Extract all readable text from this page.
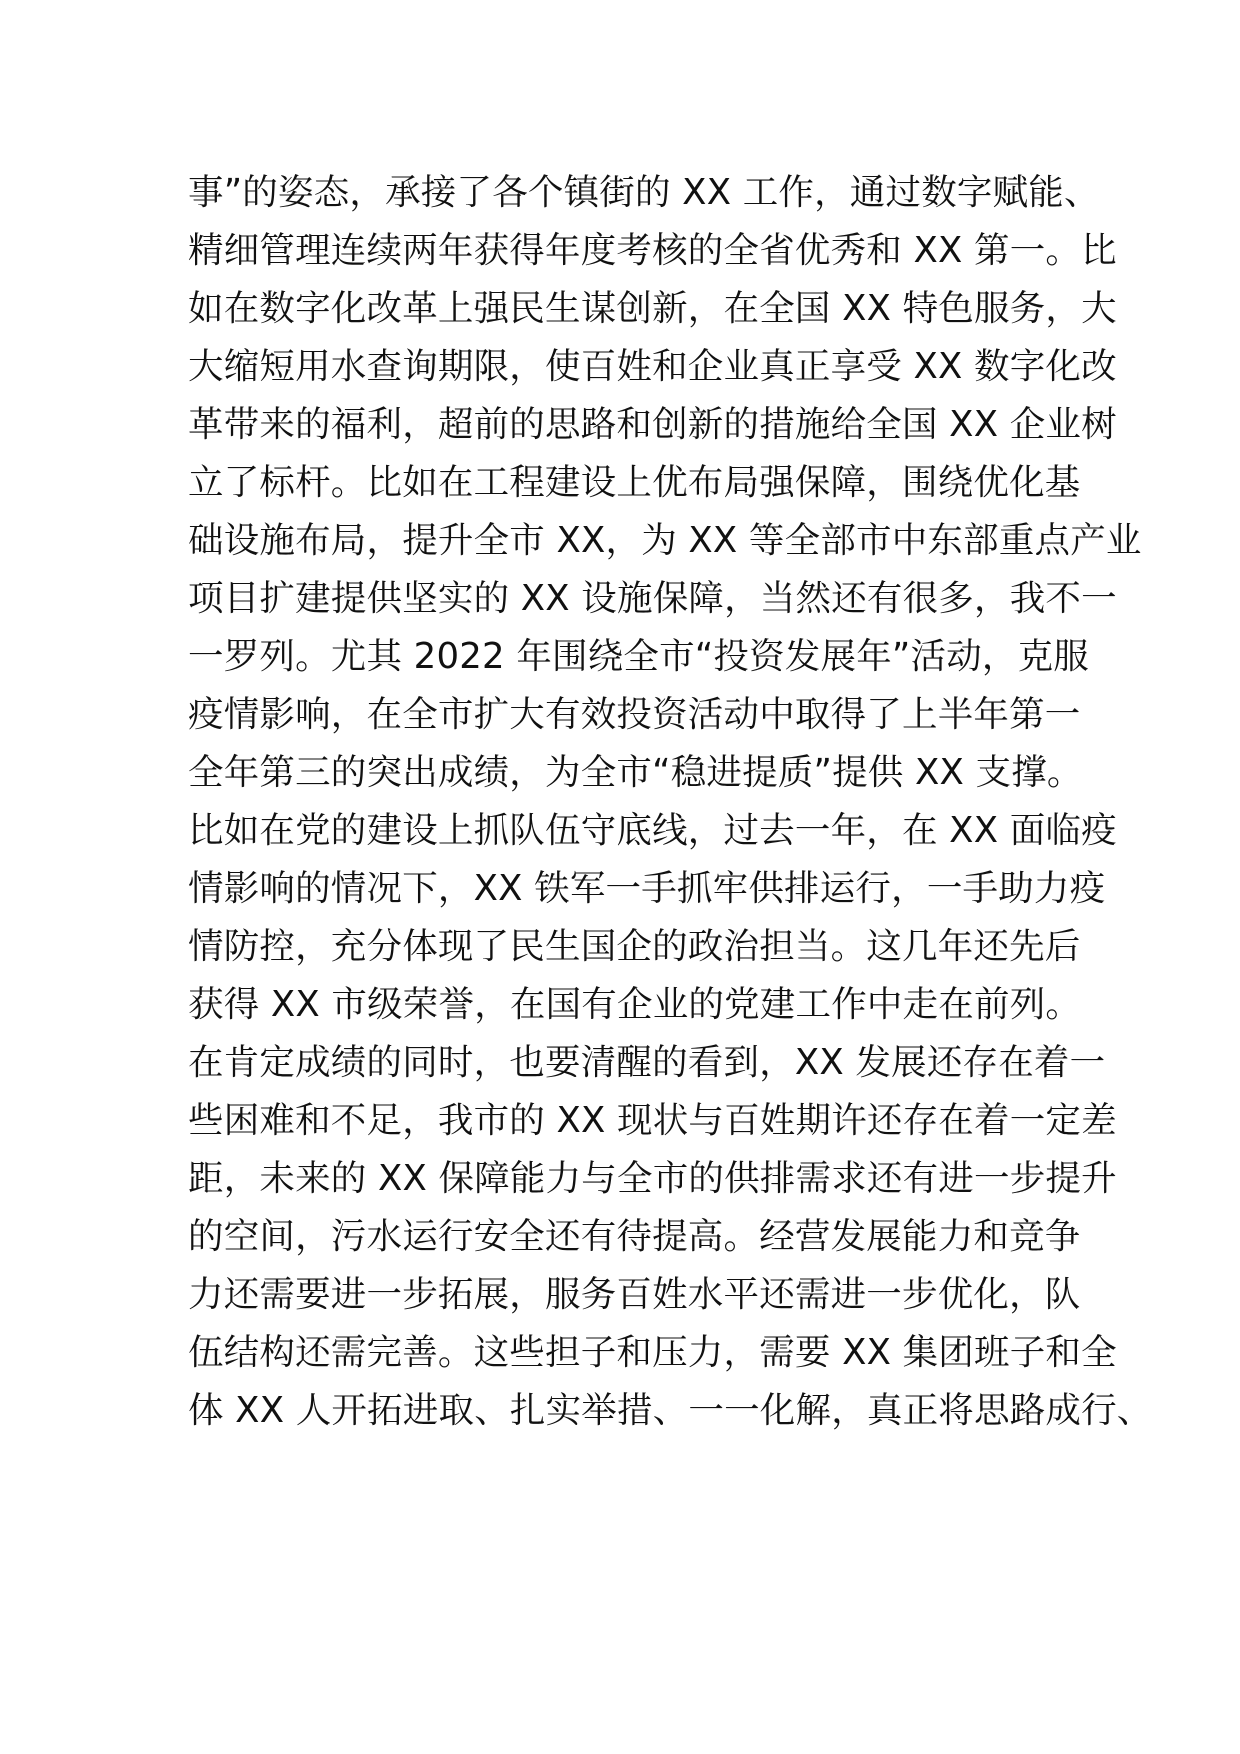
事”的姿态，承接了各个镇街的 XX 工作，通过数字赋能、
精细管理连续两年获得年度考核的全省优秀和 XX 第一。比
如在数字化改革上强民生谋创新，在全国 XX 特色服务，大
大缩短用水查询期限，使百姓和企业真正享受 XX 数字化改
革带来的福利，超前的思路和创新的措施给全国 XX 企业树
立了标杆。比如在工程建设上优布局强保障，围绕优化基
础设施布局，提升全市 XX，为 XX 等全部市中东部重点产业
项目扩建提供坚实的 XX 设施保障，当然还有很多，我不一
一罗列。尤其 2022 年围绕全市“投资发展年”活动，克服
疫情影响，在全市扩大有效投资活动中取得了上半年第一
全年第三的突出成绩，为全市“稳进提质”提供 XX 支撑。
比如在党的建设上抓队伍守底线，过去一年，在 XX 面临疫
情影响的情况下，XX 铁军一手抓牢供排运行，一手助力疫
情防控，充分体现了民生国企的政治担当。这几年还先后
获得 XX 市级荣誉，在国有企业的党建工作中走在前列。
在肯定成绩的同时，也要清醒的看到，XX 发展还存在着一
些困难和不足，我市的 XX 现状与百姓期许还存在着一定差
距，未来的 XX 保障能力与全市的供排需求还有进一步提升
的空间，污水运行安全还有待提高。经营发展能力和竞争
力还需要进一步拓展，服务百姓水平还需进一步优化，队
伍结构还需完善。这些担子和压力，需要 XX 集团班子和全
体 XX 人开拓进取、扎实举措、一一化解，真正将思路成行、
